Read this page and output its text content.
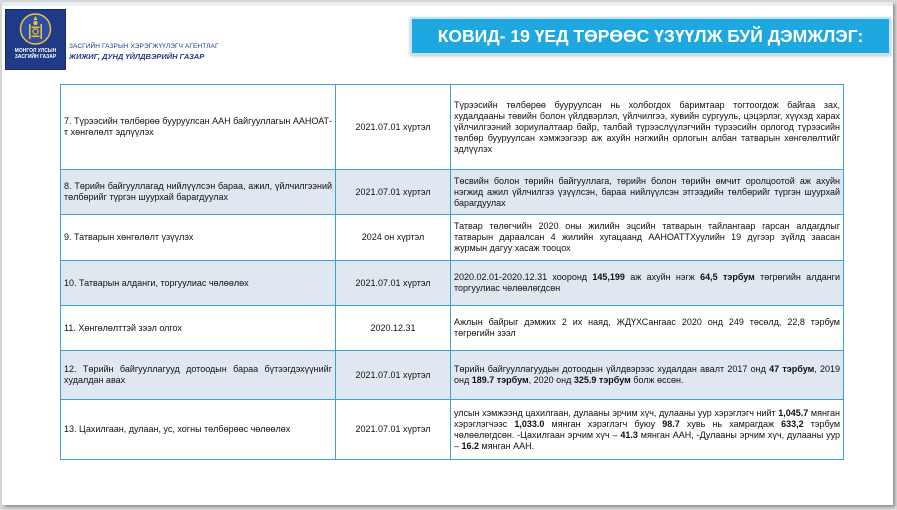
МОНГОЛ УЛСЫН
ЗАСГИЙН ГАЗАР
ЗАСГИЙН ГАЗРЫН ХЭРЭГЖҮҮЛЭГЧ АГЕНТЛАГ
ЖИЖИГ, ДУНД ҮЙЛДВЭРИЙН ГАЗАР
КОВИД- 19 ҮЕД ТӨРӨӨС ҮЗҮҮЛЖ БУЙ ДЭМЖЛЭГ:
7. Түрээсийн төлбөрөө бууруулсан ААН байгууллагын ААНОАТ-т хөнгөлөлт эдлүүлэх	2021.07.01 хүртэл	Түрээсийн төлбөрөө бууруулсан нь холбогдох баримтаар тогтоогдож байгаа зах, худалдааны төвийн болон үйлдвэрлэл, үйлчилгээ, хувийн сургууль, цэцэрлэг, хүүхэд харах үйлчилгээний зориулалтаар байр, талбай түрээслүүлэгчийн түрээсийн орлогод түрээсийн төлбөр бууруулсан хэмжээгээр аж ахуйн нэгжийн орлогын албан татварын хөнгөлөлтийг эдлүүлэх
8. Төрийн байгууллагад нийлүүлсэн бараа, ажил, үйлчилгээний төлбөрийг түргэн шуурхай барагдуулах	2021.07.01 хүртэл	Төсвийн болон төрийн байгууллага, төрийн болон төрийн өмчит оролцоотой аж ахуйн нэгжид ажил үйлчилгээ үзүүлсэн, бараа нийлүүлсэн этгээдийн төлбөрийг түргэн шуурхай барагдуулах
9. Татварын хөнгөлөлт үзүүлэх	2024 он хүртэл	Татвар төлөгчийн 2020 оны жилийн эцсийн татварын тайлангаар гарсан алдагдлыг татварын дараалсан 4 жилийн хугацаанд ААНОАТТХуулийн 19 дүгээр зүйлд заасан журмын дагуу хасаж тооцох
10. Татварын алданги, торгуулиас чөлөөлөх	2021.07.01 хүртэл	2020.02.01-2020.12.31 хооронд 145,199 аж ахуйн нэгж 64,5 тэрбум төгрөгийн алданги торгуулиас чөлөөлөгдсөн
11. Хөнгөлөлттэй зээл олгох	2020.12.31	Ажлын байрыг дэмжих 2 их наяд, ЖДҮХСангаас 2020 онд 249 төсөлд, 22,8 тэрбум төгрөгийн зээл
12. Төрийн байгууллагууд дотоодын бараа бүтээгдэхүүнийг худалдан авах	2021.07.01 хүртэл	Төрийн байгууллагуудын дотоодын үйлдвэрээс худалдан авалт 2017 онд 47 тэрбум, 2019 онд 189.7 тэрбум, 2020 онд 325.9 тэрбум болж өссөн.
13. Цахилгаан, дулаан, ус, хогны төлбөрөөс чөлөөлөх	2021.07.01 хүртэл	улсын хэмжээнд цахилгаан, дулааны эрчим хүч, дулааны уур хэрэглэгч нийт 1,045.7 мянган хэрэглэгчээс 1,033.0 мянган хэрэглэгч буюу 98.7 хувь нь хамрагдаж 633,2 тэрбум чөлөөлөгдсөн. -Цахилгаан эрчим хүч – 41.3 мянган ААН, -Дулааны эрчим хүч, дулааны уур – 16.2 мянган ААН.
